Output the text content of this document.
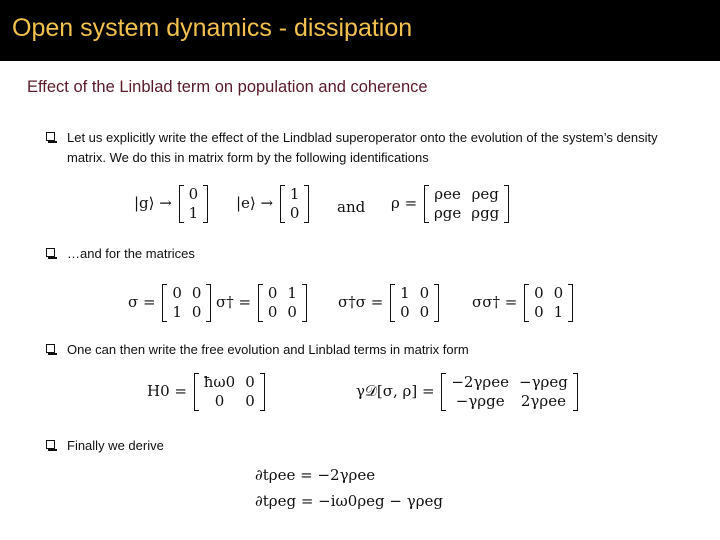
Open system dynamics - dissipation
Effect of the Linblad term on population and coherence
Let us explicitly write the effect of the Lindblad superoperator onto the evolution of the system’s density matrix. We do this in matrix form by the following identifications
|g⟩ → 0
1
|e⟩ → 1
0	and ρ = ρee	ρeg
ρge	ρgg
…and for the matrices
σ = 0	0
1	0
σ† = 0	1
0	0
σ†σ = 1	0
0	0
σσ† = 0	0
0	1
One can then write the free evolution and Linblad terms in matrix form
H0 = ħω0	0
0	0
γ𝒟[σ, ρ] = −2γρee	−γρeg
−γρge	2γρee
Finally we derive
∂tρee = −2γρee
∂tρeg = −iω0ρeg − γρeg
